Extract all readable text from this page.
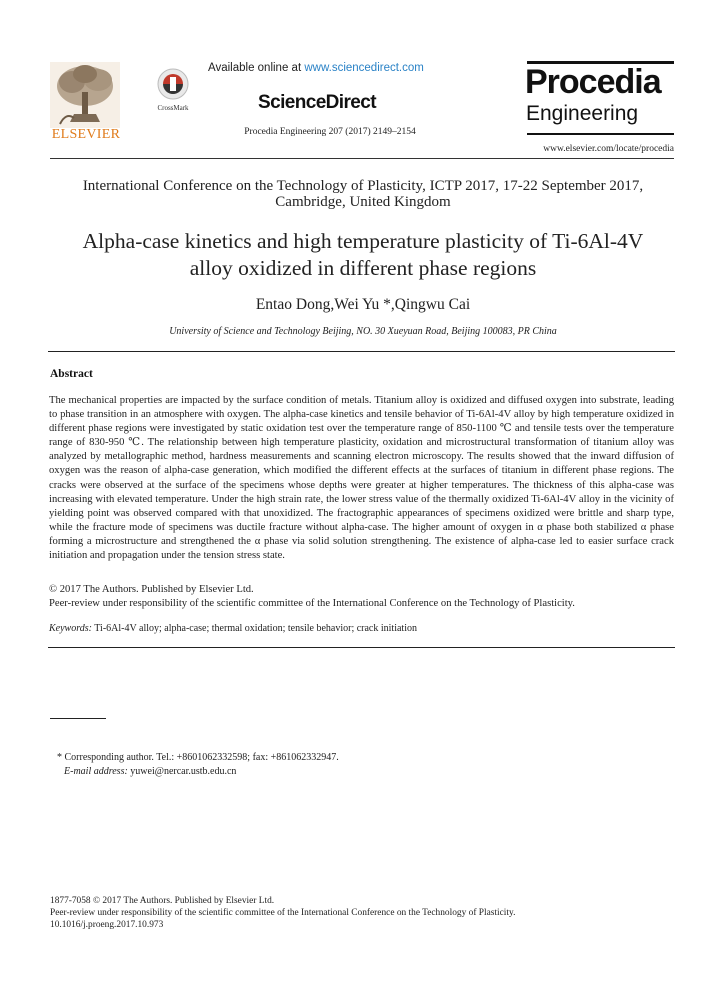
ELSEVIER
CrossMark
Available online at www.sciencedirect.com
ScienceDirect
Procedia Engineering 207 (2017) 2149–2154
Procedia
Engineering
www.elsevier.com/locate/procedia
International Conference on the Technology of Plasticity, ICTP 2017, 17-22 September 2017,
Cambridge, United Kingdom
Alpha-case kinetics and high temperature plasticity of Ti-6Al-4V
alloy oxidized in different phase regions
Entao Dong,Wei Yu *,Qingwu Cai
University of Science and Technology Beijing, NO. 30 Xueyuan Road, Beijing 100083, PR China
Abstract
The mechanical properties are impacted by the surface condition of metals. Titanium alloy is oxidized and diffused oxygen into substrate, leading to phase transition in an atmosphere with oxygen. The alpha-case kinetics and tensile behavior of Ti-6Al-4V alloy by high temperature oxidized in different phase regions were investigated by static oxidation test over the temperature range of 850-1100 ℃ and tensile tests over the temperature range of 830-950 ℃. The relationship between high temperature plasticity, oxidation and microstructural transformation of titanium alloy was analyzed by metallographic method, hardness measurements and scanning electron microscopy. The results showed that the inward diffusion of oxygen was the reason of alpha-case generation, which modified the different effects at the surfaces of titanium in different phase regions. The cracks were observed at the surface of the specimens whose depths were greater at higher temperatures. The thickness of this alpha-case was increasing with elevated temperature. Under the high strain rate, the lower stress value of the thermally oxidized Ti-6Al-4V alloy in the vicinity of yielding point was observed compared with that unoxidized. The fractographic appearances of specimens oxidized were brittle and sharp type, while the fracture mode of specimens was ductile fracture without alpha-case. The higher amount of oxygen in α phase both stabilized α phase forming a microstructure and strengthened the α phase via solid solution strengthening. The existence of alpha-case led to easier surface crack initiation and propagation under the tension stress state.
© 2017 The Authors. Published by Elsevier Ltd.
Peer-review under responsibility of the scientific committee of the International Conference on the Technology of Plasticity.
Keywords: Ti-6Al-4V alloy; alpha-case; thermal oxidation; tensile behavior; crack initiation
* Corresponding author. Tel.: +8601062332598; fax: +861062332947.
E-mail address: yuwei@nercar.ustb.edu.cn
1877-7058 © 2017 The Authors. Published by Elsevier Ltd.
Peer-review under responsibility of the scientific committee of the International Conference on the Technology of Plasticity.
10.1016/j.proeng.2017.10.973
